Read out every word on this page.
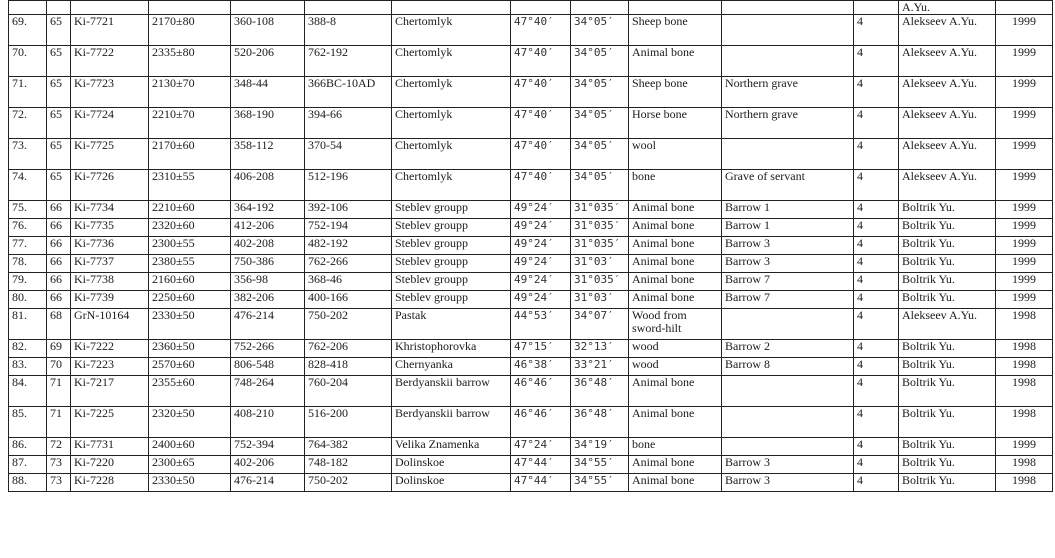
												A.Yu.	
69.	65	Ki-7721	2170±80	360-108	388-8	Chertomlyk	47°40′	34°05′	Sheep bone		4	Alekseev A.Yu.	1999
70.	65	Ki-7722	2335±80	520-206	762-192	Chertomlyk	47°40′	34°05′	Animal bone		4	Alekseev A.Yu.	1999
71.	65	Ki-7723	2130±70	348-44	366BC-10AD	Chertomlyk	47°40′	34°05′	Sheep bone	Northern grave	4	Alekseev A.Yu.	1999
72.	65	Ki-7724	2210±70	368-190	394-66	Chertomlyk	47°40′	34°05′	Horse bone	Northern grave	4	Alekseev A.Yu.	1999
73.	65	Ki-7725	2170±60	358-112	370-54	Chertomlyk	47°40′	34°05′	wool		4	Alekseev A.Yu.	1999
74.	65	Ki-7726	2310±55	406-208	512-196	Chertomlyk	47°40′	34°05′	bone	Grave of servant	4	Alekseev A.Yu.	1999
75.	66	Ki-7734	2210±60	364-192	392-106	Steblev groupp	49°24′	31°035′	Animal bone	Barrow 1	4	Boltrik Yu.	1999
76.	66	Ki-7735	2320±60	412-206	752-194	Steblev groupp	49°24′	31°035′	Animal bone	Barrow 1	4	Boltrik Yu.	1999
77.	66	Ki-7736	2300±55	402-208	482-192	Steblev groupp	49°24′	31°035′	Animal bone	Barrow 3	4	Boltrik Yu.	1999
78.	66	Ki-7737	2380±55	750-386	762-266	Steblev groupp	49°24′	31°03′	Animal bone	Barrow 3	4	Boltrik Yu.	1999
79.	66	Ki-7738	2160±60	356-98	368-46	Steblev groupp	49°24′	31°035′	Animal bone	Barrow 7	4	Boltrik Yu.	1999
80.	66	Ki-7739	2250±60	382-206	400-166	Steblev groupp	49°24′	31°03′	Animal bone	Barrow 7	4	Boltrik Yu.	1999
81.	68	GrN-10164	2330±50	476-214	750-202	Pastak	44°53′	34°07′	Wood from sword-hilt		4	Alekseev A.Yu.	1998
82.	69	Ki-7222	2360±50	752-266	762-206	Khristophorovka	47°15′	32°13′	wood	Barrow 2	4	Boltrik Yu.	1998
83.	70	Ki-7223	2570±60	806-548	828-418	Chernyanka	46°38′	33°21′	wood	Barrow 8	4	Boltrik Yu.	1998
84.	71	Ki-7217	2355±60	748-264	760-204	Berdyanskii barrow	46°46′	36°48′	Animal bone		4	Boltrik Yu.	1998
85.	71	Ki-7225	2320±50	408-210	516-200	Berdyanskii barrow	46°46′	36°48′	Animal bone		4	Boltrik Yu.	1998
86.	72	Ki-7731	2400±60	752-394	764-382	Velika Znamenka	47°24′	34°19′	bone		4	Boltrik Yu.	1999
87.	73	Ki-7220	2300±65	402-206	748-182	Dolinskoe	47°44′	34°55′	Animal bone	Barrow 3	4	Boltrik Yu.	1998
88.	73	Ki-7228	2330±50	476-214	750-202	Dolinskoe	47°44′	34°55′	Animal bone	Barrow 3	4	Boltrik Yu.	1998
